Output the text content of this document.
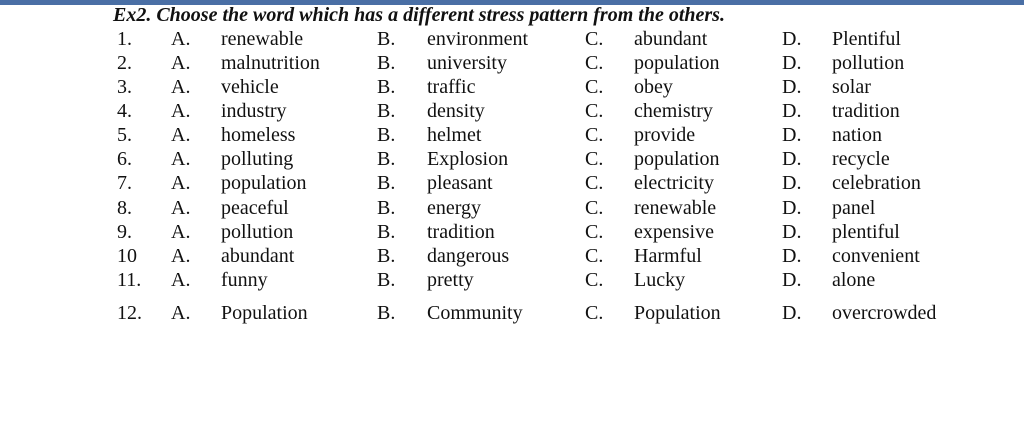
Ex2. Choose the word which has a different stress pattern from the others.
1. A. renewable	B. environment	C. abundant	D. Plentiful
2. A. malnutrition	B. university	C. population	D. pollution
3. A. vehicle	B. traffic	C. obey	D. solar
4. A. industry	B. density	C. chemistry	D. tradition
5. A. homeless	B. helmet	C. provide	D. nation
6. A. polluting	B. Explosion	C. population	D. recycle
7. A. population	B. pleasant	C. electricity	D. celebration
8. A. peaceful	B. energy	C. renewable	D. panel
9. A. pollution	B. tradition	C. expensive	D. plentiful
10 A. abundant	B. dangerous	C. Harmful	D. convenient
11. A. funny	B. pretty	C. Lucky	D. alone
12. A. Population	B. Community	C. Population	D. overcrowded
